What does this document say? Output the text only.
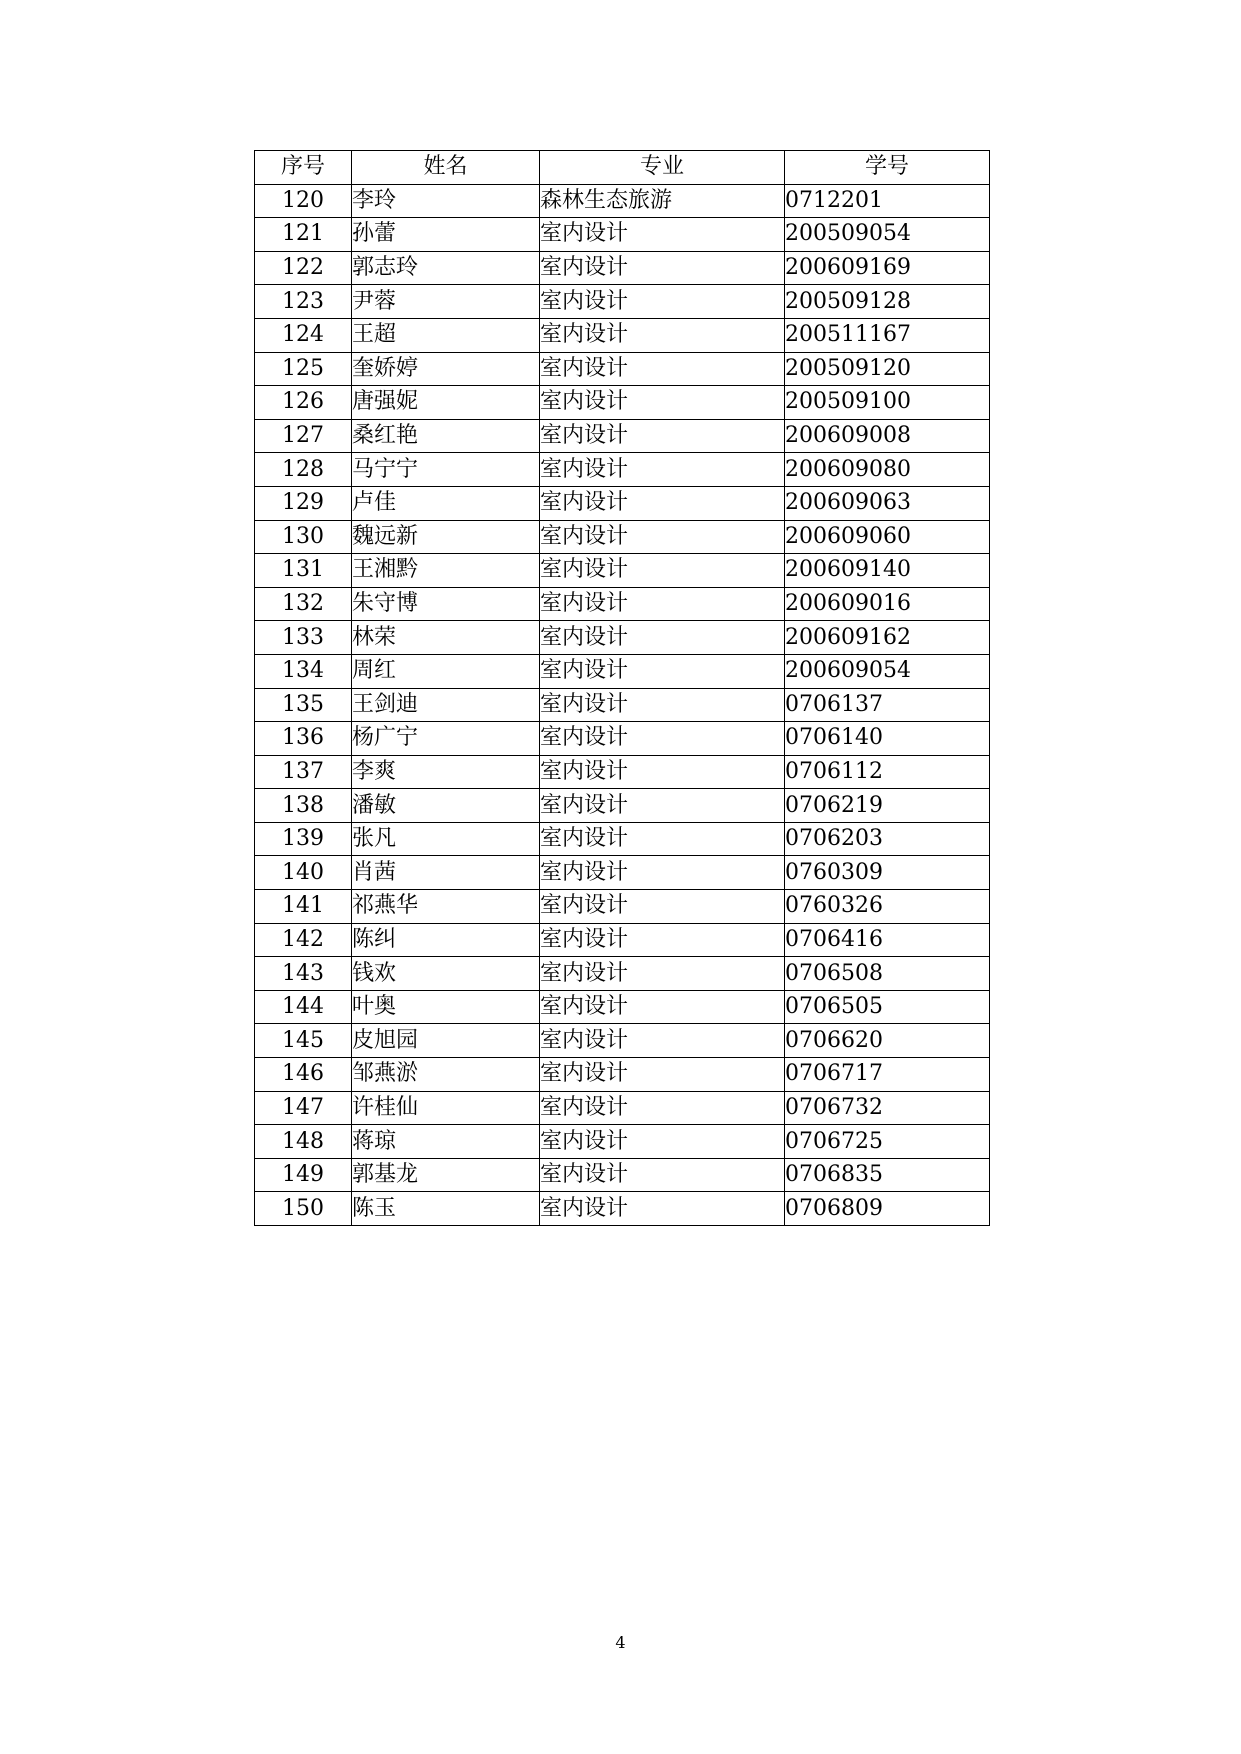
序号	姓名	专业	学号
120	李玲	森林生态旅游	0712201
121	孙蕾	室内设计	200509054
122	郭志玲	室内设计	200609169
123	尹蓉	室内设计	200509128
124	王超	室内设计	200511167
125	奎娇婷	室内设计	200509120
126	唐强妮	室内设计	200509100
127	桑红艳	室内设计	200609008
128	马宁宁	室内设计	200609080
129	卢佳	室内设计	200609063
130	魏远新	室内设计	200609060
131	王湘黔	室内设计	200609140
132	朱守博	室内设计	200609016
133	林荣	室内设计	200609162
134	周红	室内设计	200609054
135	王剑迪	室内设计	0706137
136	杨广宁	室内设计	0706140
137	李爽	室内设计	0706112
138	潘敏	室内设计	0706219
139	张凡	室内设计	0706203
140	肖茜	室内设计	0760309
141	祁燕华	室内设计	0760326
142	陈纠	室内设计	0706416
143	钱欢	室内设计	0706508
144	叶奥	室内设计	0706505
145	皮旭园	室内设计	0706620
146	邹燕淤	室内设计	0706717
147	许桂仙	室内设计	0706732
148	蒋琼	室内设计	0706725
149	郭基龙	室内设计	0706835
150	陈玉	室内设计	0706809
4
